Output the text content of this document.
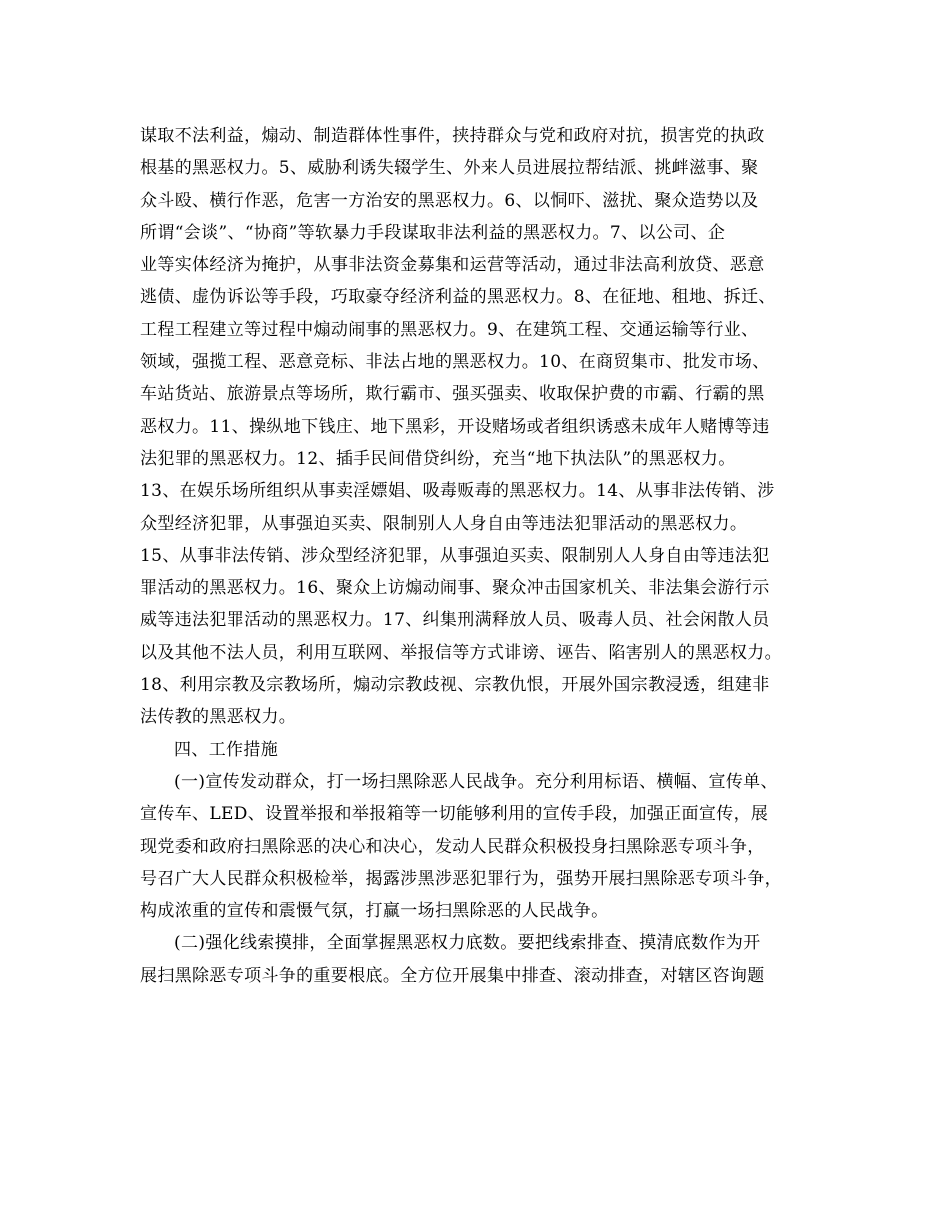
谋取不法利益，煽动、制造群体性事件，挟持群众与党和政府对抗，损害党的执政
根基的黑恶权力。5、威胁利诱失辍学生、外来人员进展拉帮结派、挑衅滋事、聚
众斗殴、横行作恶，危害一方治安的黑恶权力。6、以恫吓、滋扰、聚众造势以及
所谓“会谈”、“协商”等软暴力手段谋取非法利益的黑恶权力。7、以公司、企
业等实体经济为掩护，从事非法资金募集和运营等活动，通过非法高利放贷、恶意
逃债、虚伪诉讼等手段，巧取豪夺经济利益的黑恶权力。8、在征地、租地、拆迁、
工程工程建立等过程中煽动闹事的黑恶权力。9、在建筑工程、交通运输等行业、
领域，强揽工程、恶意竞标、非法占地的黑恶权力。10、在商贸集市、批发市场、
车站货站、旅游景点等场所，欺行霸市、强买强卖、收取保护费的市霸、行霸的黑
恶权力。11、操纵地下钱庄、地下黑彩，开设赌场或者组织诱惑未成年人赌博等违
法犯罪的黑恶权力。12、插手民间借贷纠纷，充当“地下执法队”的黑恶权力。
13、在娱乐场所组织从事卖淫嫖娼、吸毒贩毒的黑恶权力。14、从事非法传销、涉
众型经济犯罪，从事强迫买卖、限制别人人身自由等违法犯罪活动的黑恶权力。
15、从事非法传销、涉众型经济犯罪，从事强迫买卖、限制别人人身自由等违法犯
罪活动的黑恶权力。16、聚众上访煽动闹事、聚众冲击国家机关、非法集会游行示
威等违法犯罪活动的黑恶权力。17、纠集刑满释放人员、吸毒人员、社会闲散人员
以及其他不法人员，利用互联网、举报信等方式诽谤、诬告、陷害别人的黑恶权力。
18、利用宗教及宗教场所，煽动宗教歧视、宗教仇恨，开展外国宗教浸透，组建非
法传教的黑恶权力。
四、工作措施
(一)宣传发动群众，打一场扫黑除恶人民战争。充分利用标语、横幅、宣传单、
宣传车、LED、设置举报和举报箱等一切能够利用的宣传手段，加强正面宣传，展
现党委和政府扫黑除恶的决心和决心，发动人民群众积极投身扫黑除恶专项斗争，
号召广大人民群众积极检举，揭露涉黑涉恶犯罪行为，强势开展扫黑除恶专项斗争，
构成浓重的宣传和震慑气氛，打赢一场扫黑除恶的人民战争。
(二)强化线索摸排，全面掌握黑恶权力底数。要把线索排查、摸清底数作为开
展扫黑除恶专项斗争的重要根底。全方位开展集中排查、滚动排查，对辖区咨询题
